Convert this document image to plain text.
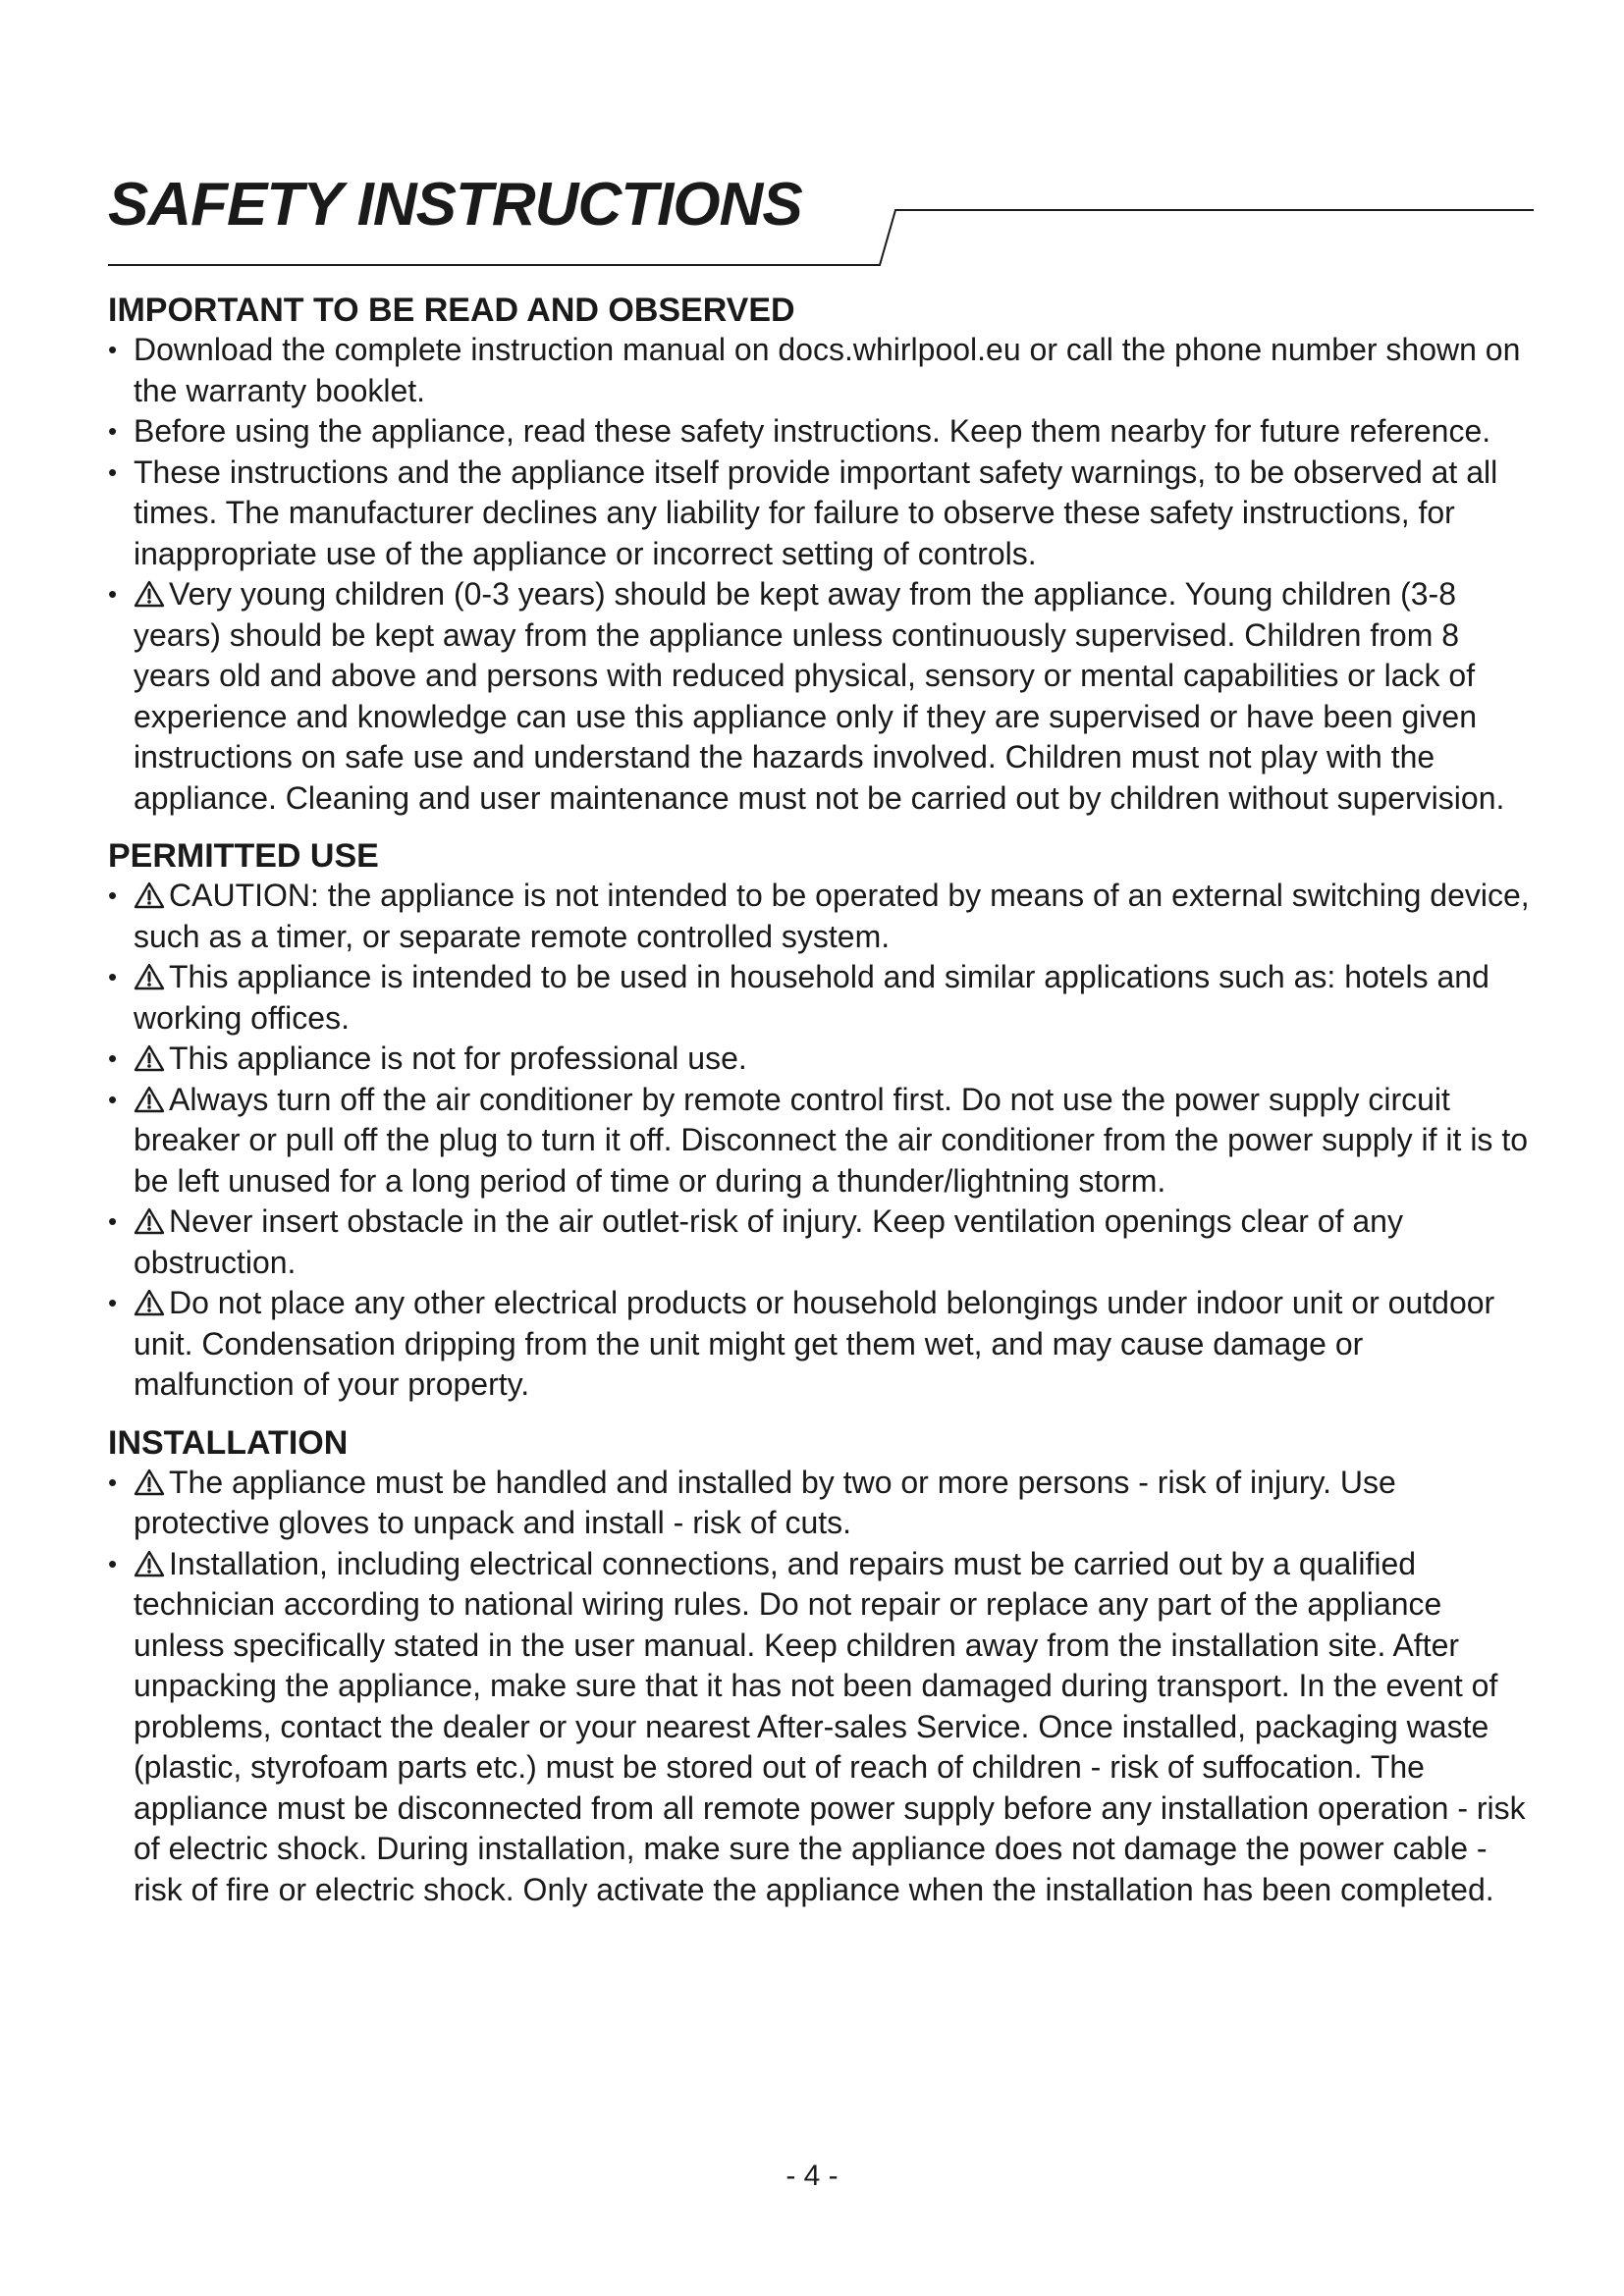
SAFETY INSTRUCTIONS
IMPORTANT TO BE READ AND OBSERVED
• Download the complete instruction manual on docs.whirlpool.eu or call the phone number shown on the warranty booklet.
• Before using the appliance, read these safety instructions. Keep them nearby for future reference.
• These instructions and the appliance itself provide important safety warnings, to be observed at all times. The manufacturer declines any liability for failure to observe these safety instructions, for inappropriate use of the appliance or incorrect setting of controls.
• Very young children (0-3 years) should be kept away from the appliance. Young children (3-8 years) should be kept away from the appliance unless continuously supervised. Children from 8 years old and above and persons with reduced physical, sensory or mental capabilities or lack of experience and knowledge can use this appliance only if they are supervised or have been given instructions on safe use and understand the hazards involved. Children must not play with the appliance. Cleaning and user maintenance must not be carried out by children without supervision.
PERMITTED USE
• CAUTION: the appliance is not intended to be operated by means of an external switching device, such as a timer, or separate remote controlled system.
• This appliance is intended to be used in household and similar applications such as: hotels and working offices.
• This appliance is not for professional use.
• Always turn off the air conditioner by remote control first. Do not use the power supply circuit breaker or pull off the plug to turn it off. Disconnect the air conditioner from the power supply if it is to be left unused for a long period of time or during a thunder/lightning storm.
• Never insert obstacle in the air outlet-risk of injury. Keep ventilation openings clear of any obstruction.
• Do not place any other electrical products or household belongings under indoor unit or outdoor unit. Condensation dripping from the unit might get them wet, and may cause damage or malfunction of your property.
INSTALLATION
• The appliance must be handled and installed by two or more persons - risk of injury. Use protective gloves to unpack and install - risk of cuts.
• Installation, including electrical connections, and repairs must be carried out by a qualified technician according to national wiring rules. Do not repair or replace any part of the appliance unless specifically stated in the user manual. Keep children away from the installation site. After unpacking the appliance, make sure that it has not been damaged during transport. In the event of problems, contact the dealer or your nearest After-sales Service. Once installed, packaging waste (plastic, styrofoam parts etc.) must be stored out of reach of children - risk of suffocation. The appliance must be disconnected from all remote power supply before any installation operation - risk of electric shock. During installation, make sure the appliance does not damage the power cable - risk of fire or electric shock. Only activate the appliance when the installation has been completed.
- 4 -
